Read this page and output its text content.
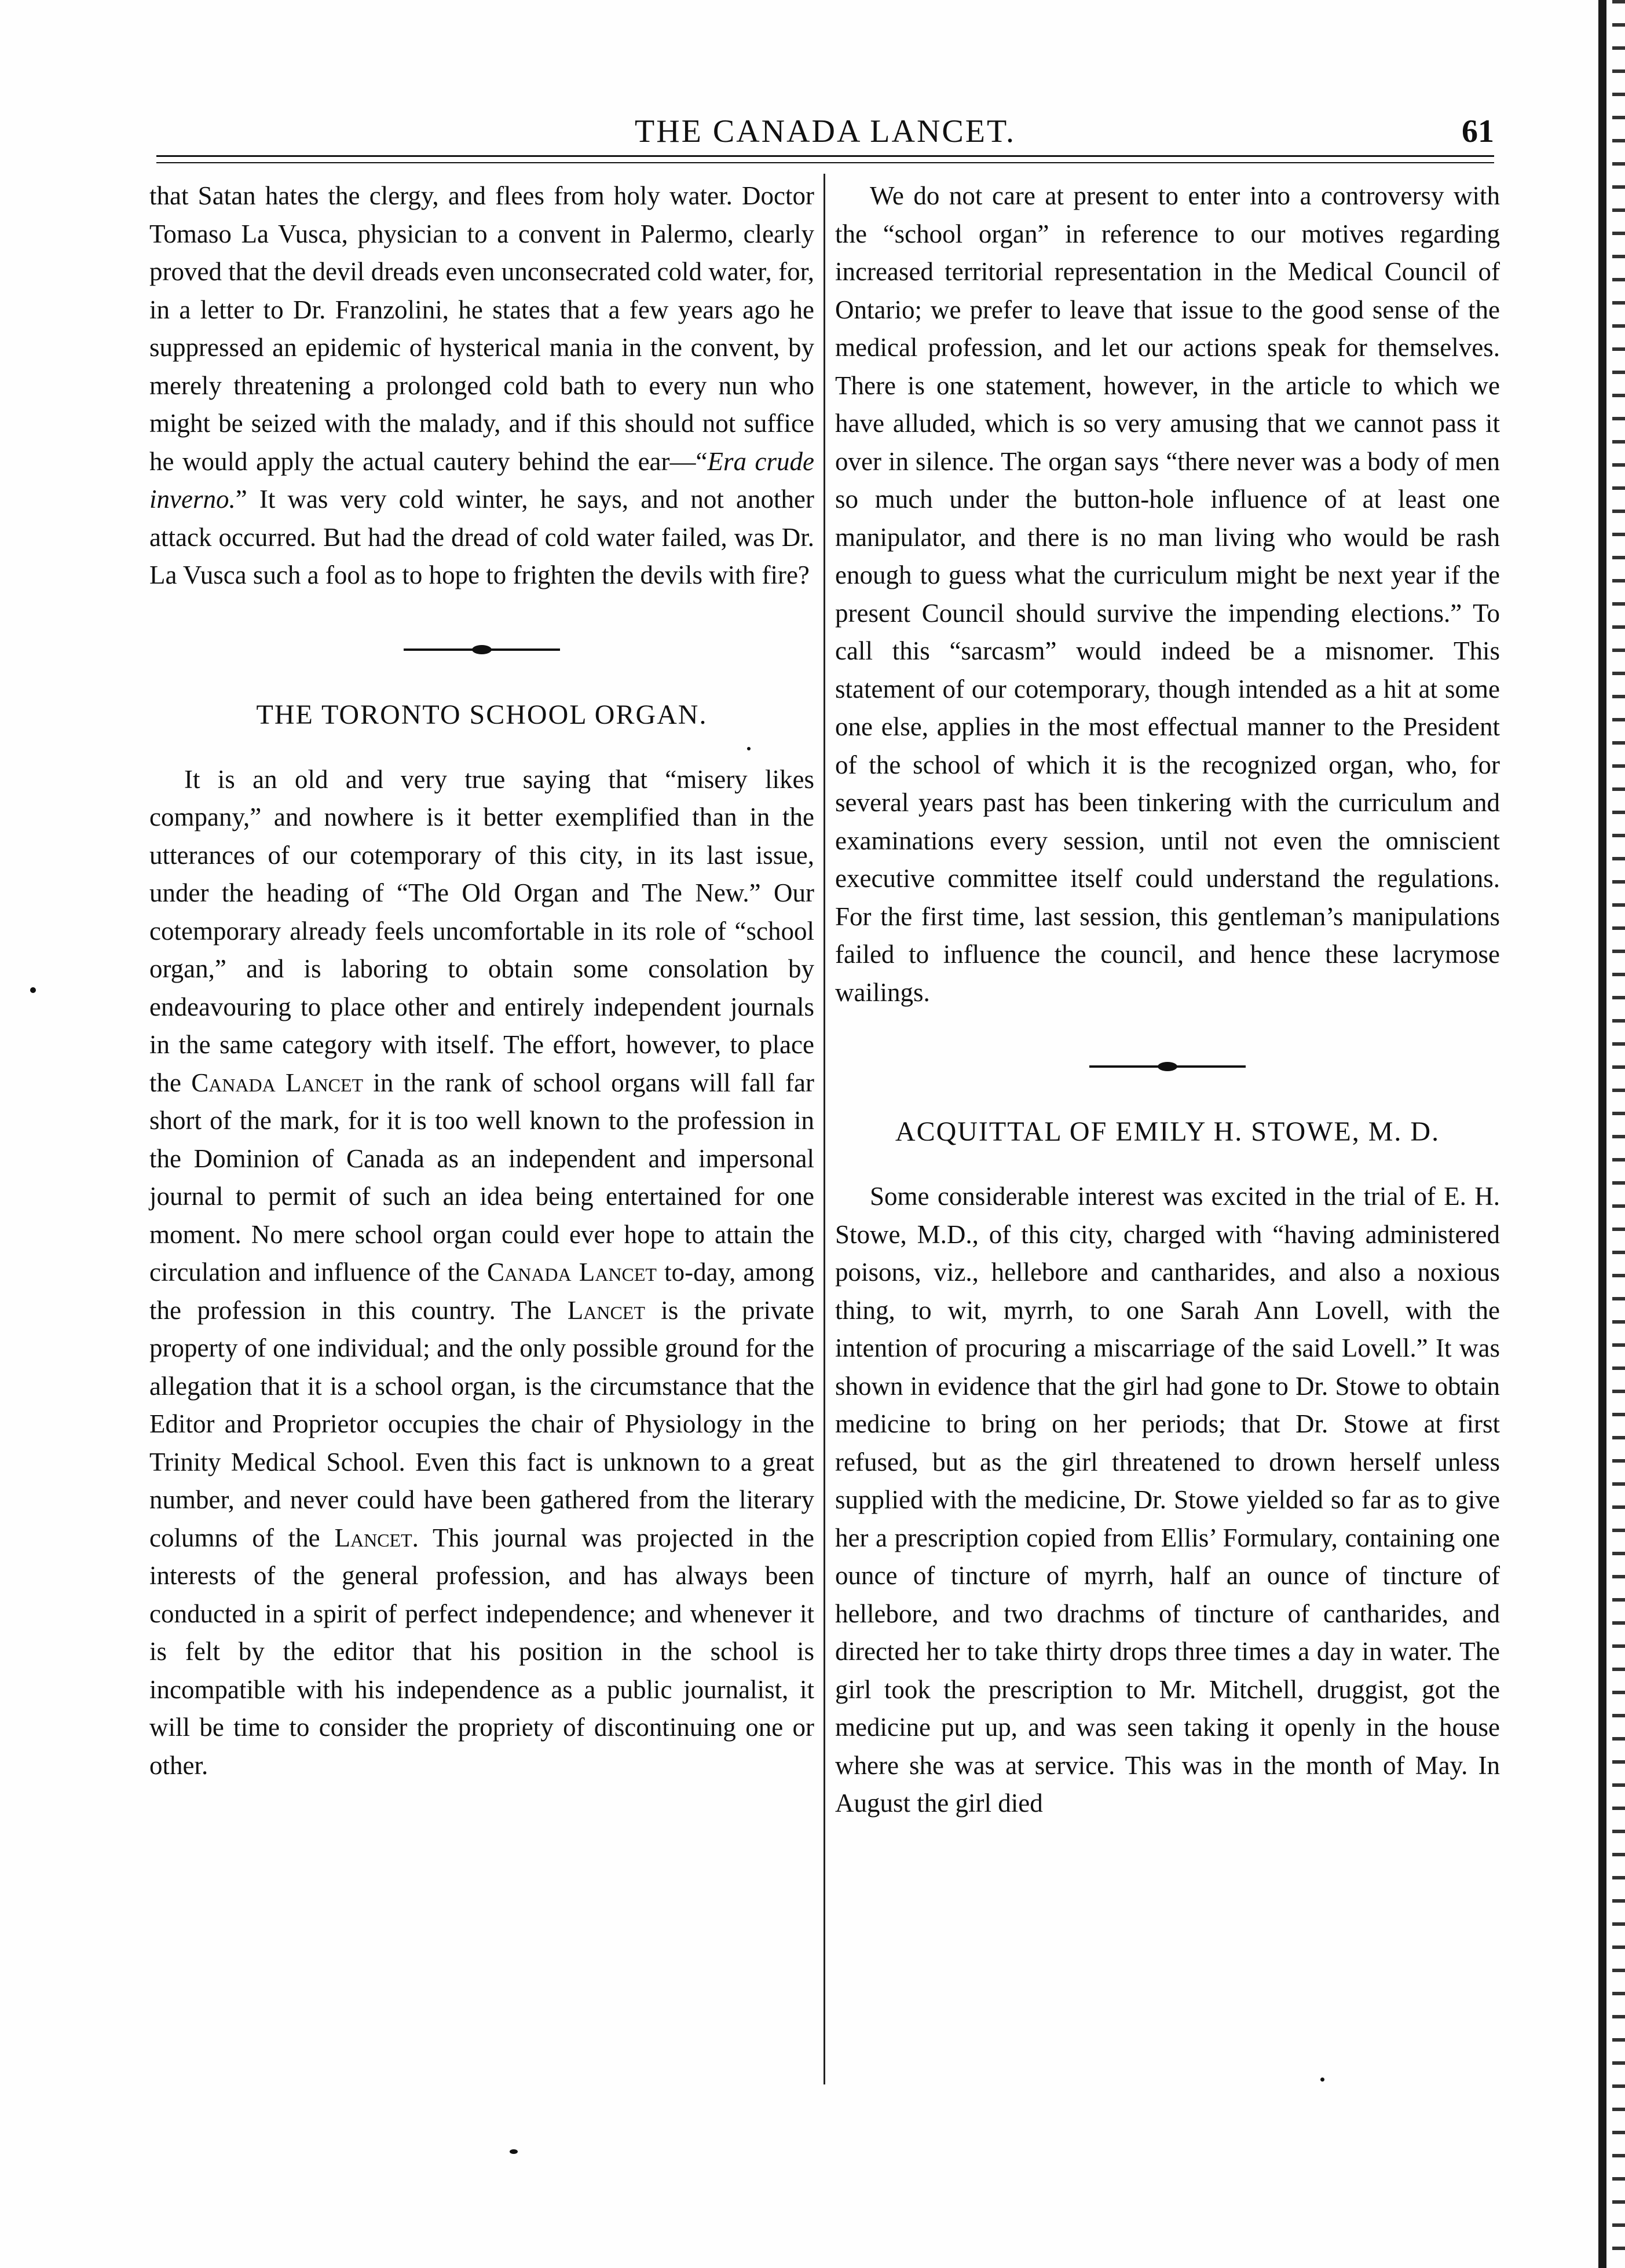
THE CANADA LANCET.	61

that Satan hates the clergy, and flees from holy water. Doctor Tomaso La Vusca, physician to a convent in Palermo, clearly proved that the devil dreads even unconsecrated cold water, for, in a letter to Dr. Franzolini, he states that a few years ago he suppressed an epidemic of hysterical mania in the convent, by merely threatening a prolonged cold bath to every nun who might be seized with the malady, and if this should not suffice he would apply the actual cautery behind the ear—“Era crude inverno.” It was very cold winter, he says, and not another attack occurred. But had the dread of cold water failed, was Dr. La Vusca such a fool as to hope to frighten the devils with fire?

THE TORONTO SCHOOL ORGAN.

It is an old and very true saying that “misery likes company,” and nowhere is it better exemplified than in the utterances of our cotemporary of this city, in its last issue, under the heading of “The Old Organ and The New.” Our cotemporary already feels uncomfortable in its role of “school organ,” and is laboring to obtain some consolation by endeavouring to place other and entirely independent journals in the same category with itself. The effort, however, to place the Canada Lancet in the rank of school organs will fall far short of the mark, for it is too well known to the profession in the Dominion of Canada as an independent and impersonal journal to permit of such an idea being entertained for one moment. No mere school organ could ever hope to attain the circulation and influence of the Canada Lancet to-day, among the profession in this country. The Lancet is the private property of one individual; and the only possible ground for the allegation that it is a school organ, is the circumstance that the Editor and Proprietor occupies the chair of Physiology in the Trinity Medical School. Even this fact is unknown to a great number, and never could have been gathered from the literary columns of the Lancet. This journal was projected in the interests of the general profession, and has always been conducted in a spirit of perfect independence; and whenever it is felt by the editor that his position in the school is incompatible with his independence as a public journalist, it will be time to consider the propriety of discontinuing one or other.

We do not care at present to enter into a controversy with the “school organ” in reference to our motives regarding increased territorial representation in the Medical Council of Ontario; we prefer to leave that issue to the good sense of the medical profession, and let our actions speak for themselves. There is one statement, however, in the article to which we have alluded, which is so very amusing that we cannot pass it over in silence. The organ says “there never was a body of men so much under the button-hole influence of at least one manipulator, and there is no man living who would be rash enough to guess what the curriculum might be next year if the present Council should survive the impending elections.” To call this “sarcasm” would indeed be a misnomer. This statement of our cotemporary, though intended as a hit at some one else, applies in the most effectual manner to the President of the school of which it is the recognized organ, who, for several years past has been tinkering with the curriculum and examinations every session, until not even the omniscient executive committee itself could understand the regulations. For the first time, last session, this gentleman’s manipulations failed to influence the council, and hence these lacrymose wailings.

ACQUITTAL OF EMILY H. STOWE, M. D.

Some considerable interest was excited in the trial of E. H. Stowe, M.D., of this city, charged with “having administered poisons, viz., hellebore and cantharides, and also a noxious thing, to wit, myrrh, to one Sarah Ann Lovell, with the intention of procuring a miscarriage of the said Lovell.” It was shown in evidence that the girl had gone to Dr. Stowe to obtain medicine to bring on her periods; that Dr. Stowe at first refused, but as the girl threatened to drown herself unless supplied with the medicine, Dr. Stowe yielded so far as to give her a prescription copied from Ellis’ Formulary, containing one ounce of tincture of myrrh, half an ounce of tincture of hellebore, and two drachms of tincture of cantharides, and directed her to take thirty drops three times a day in water. The girl took the prescription to Mr. Mitchell, druggist, got the medicine put up, and was seen taking it openly in the house where she was at service. This was in the month of May. In August the girl died
